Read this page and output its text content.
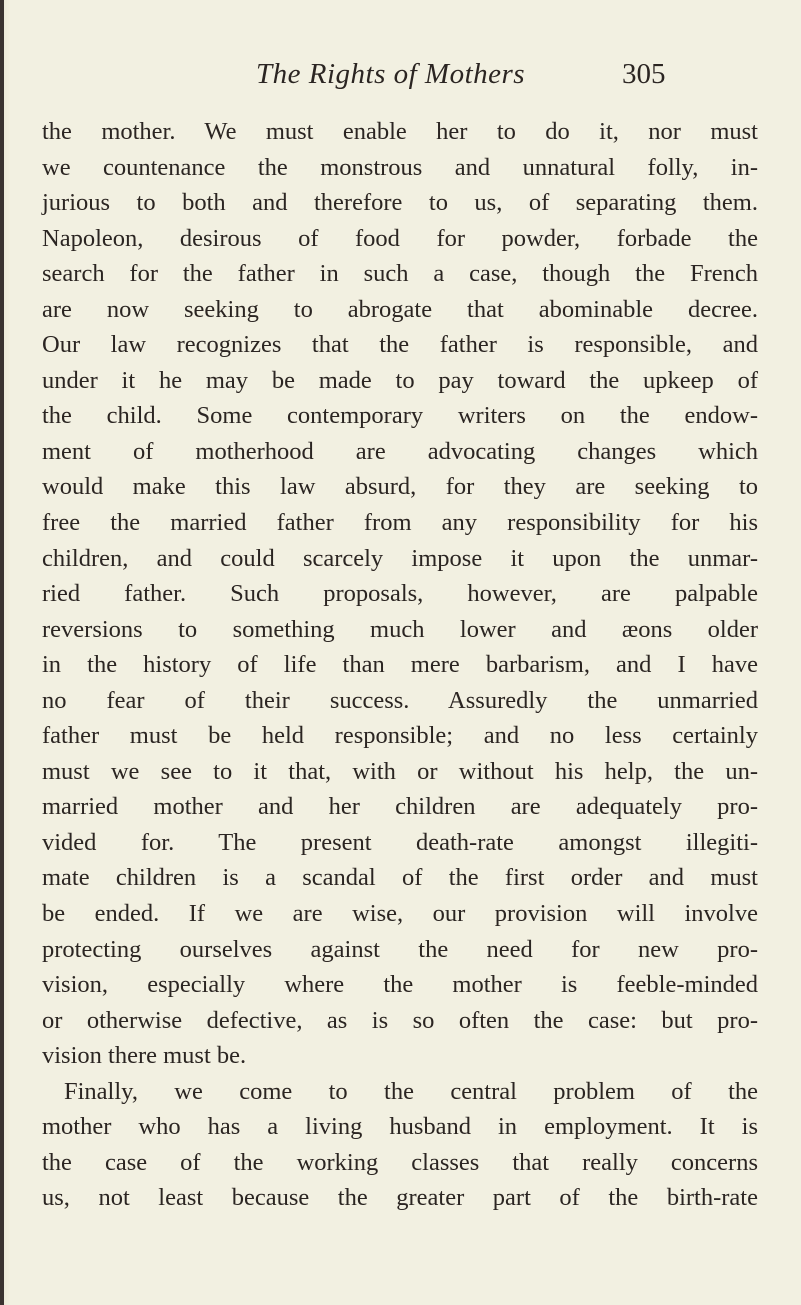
The Rights of Mothers	305
the mother. We must enable her to do it, nor must
we countenance the monstrous and unnatural folly, in-
jurious to both and therefore to us, of separating them.
Napoleon, desirous of food for powder, forbade the
search for the father in such a case, though the French
are now seeking to abrogate that abominable decree.
Our law recognizes that the father is responsible, and
under it he may be made to pay toward the upkeep of
the child. Some contemporary writers on the endow-
ment of motherhood are advocating changes which
would make this law absurd, for they are seeking to
free the married father from any responsibility for his
children, and could scarcely impose it upon the unmar-
ried father. Such proposals, however, are palpable
reversions to something much lower and æons older
in the history of life than mere barbarism, and I have
no fear of their success. Assuredly the unmarried
father must be held responsible; and no less certainly
must we see to it that, with or without his help, the un-
married mother and her children are adequately pro-
vided for. The present death-rate amongst illegiti-
mate children is a scandal of the first order and must
be ended. If we are wise, our provision will involve
protecting ourselves against the need for new pro-
vision, especially where the mother is feeble-minded
or otherwise defective, as is so often the case: but pro-
vision there must be.
Finally, we come to the central problem of the
mother who has a living husband in employment. It is
the case of the working classes that really concerns
us, not least because the greater part of the birth-rate
